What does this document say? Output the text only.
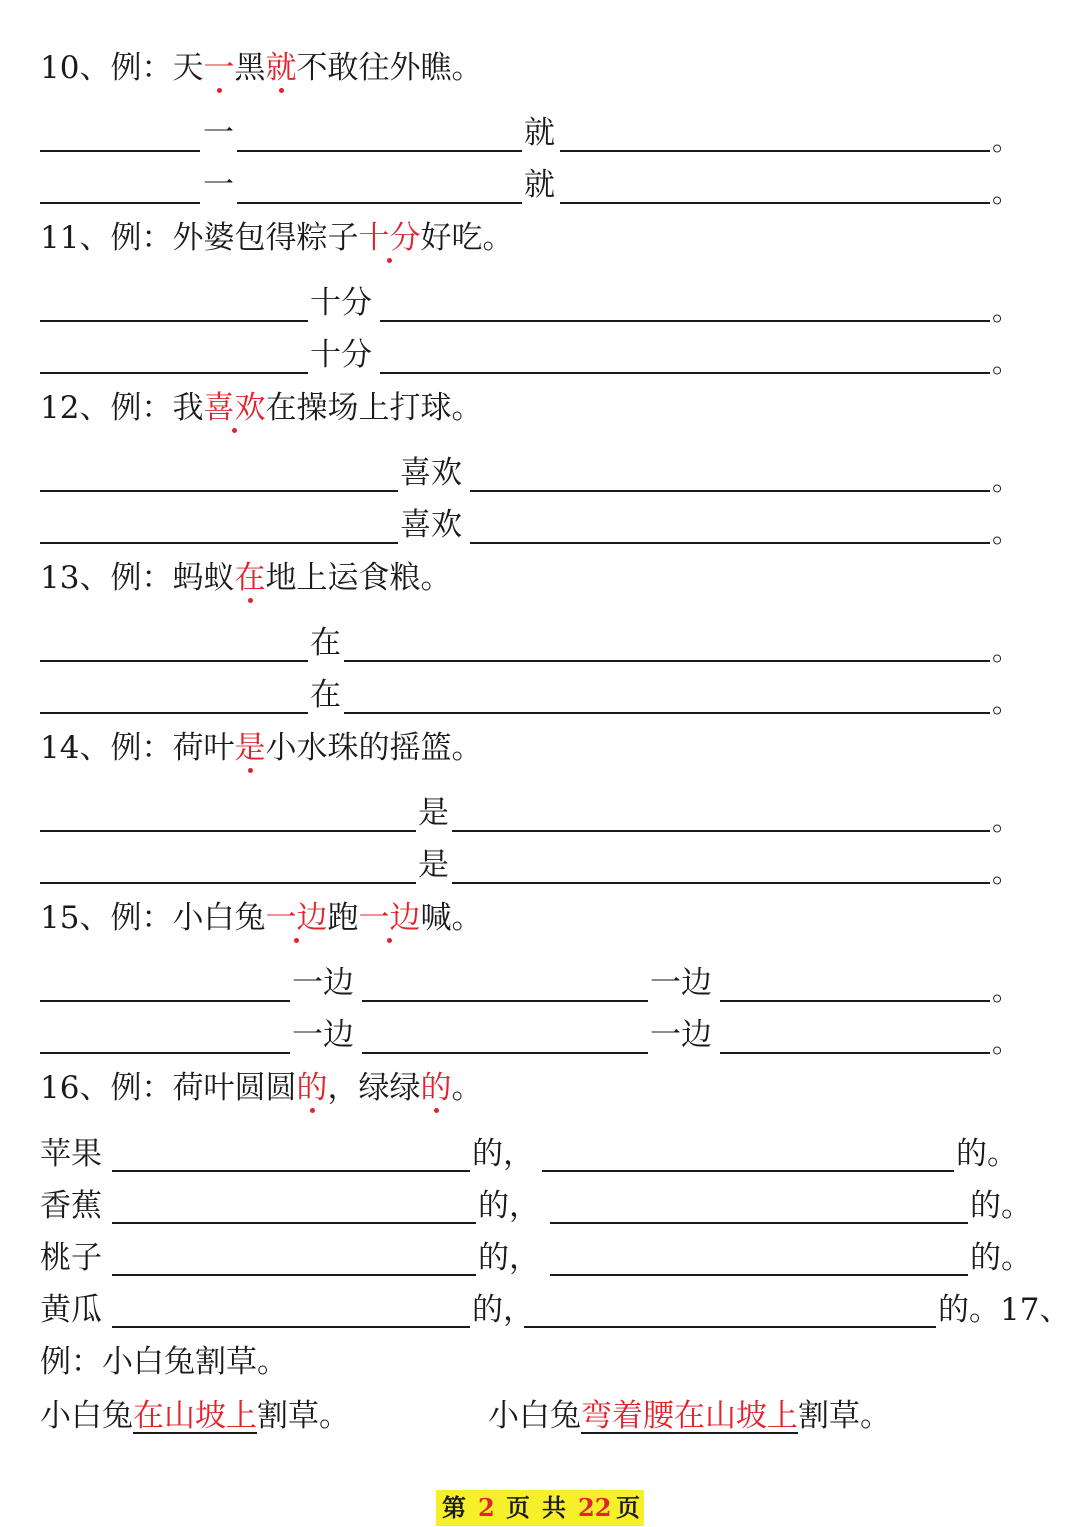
10、例：天一黑就不敢往外瞧。
一	就	。
一	就	。
11、例：外婆包得粽子十分好吃。
十分	。
十分	。
12、例：我喜欢在操场上打球。
喜欢	。
喜欢	。
13、例：蚂蚁在地上运食粮。
在	。
在	。
14、例：荷叶是小水珠的摇篮。
是	。
是	。
15、例：小白兔一边跑一边喊。
一边	一边	。
一边	一边	。
16、例：荷叶圆圆的，绿绿的。
苹果	的，	的。
香蕉	的，	的。
桃子	的，	的。
黄瓜	的，	的。17、
例：小白兔割草。
小白兔在山坡上割草。	小白兔弯着腰在山坡上割草。
第 2 页 共 22 页
